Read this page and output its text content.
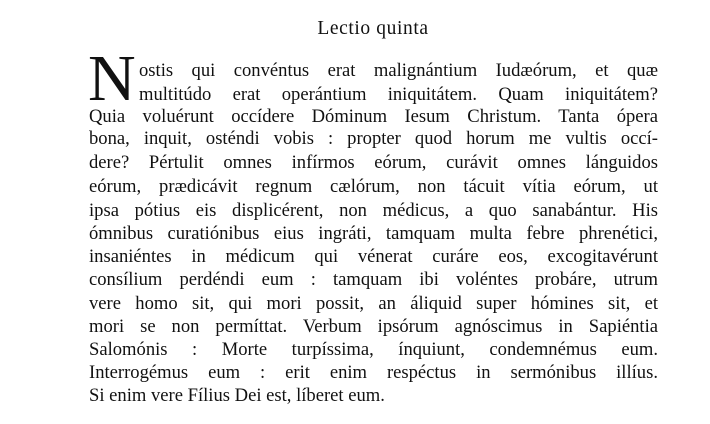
Lectio quinta
N ostis qui convéntus erat malignántium Iudæórum, et quæ
multitúdo erat operántium iniquitátem. Quam iniquitátem?
Quia voluérunt occídere Dóminum Iesum Christum. Tanta ópera
bona, inquit, osténdi vobis : propter quod horum me vultis occí-
dere? Pértulit omnes infírmos eórum, curávit omnes lánguidos
eórum, prædicávit regnum cælórum, non tácuit vítia eórum, ut
ipsa pótius eis displicérent, non médicus, a quo sanabántur. His
ómnibus curatiónibus eius ingráti, tamquam multa febre phrenétici,
insaniéntes in médicum qui vénerat curáre eos, excogitavérunt
consílium perdéndi eum : tamquam ibi voléntes probáre, utrum
vere homo sit, qui mori possit, an áliquid super hómines sit, et
mori se non permíttat. Verbum ipsórum agnóscimus in Sapiéntia
Salomónis : Morte turpíssima, ínquiunt, condemnémus eum.
Interrogémus eum : erit enim respéctus in sermónibus illíus.
Si enim vere Fílius Dei est, líberet eum.
